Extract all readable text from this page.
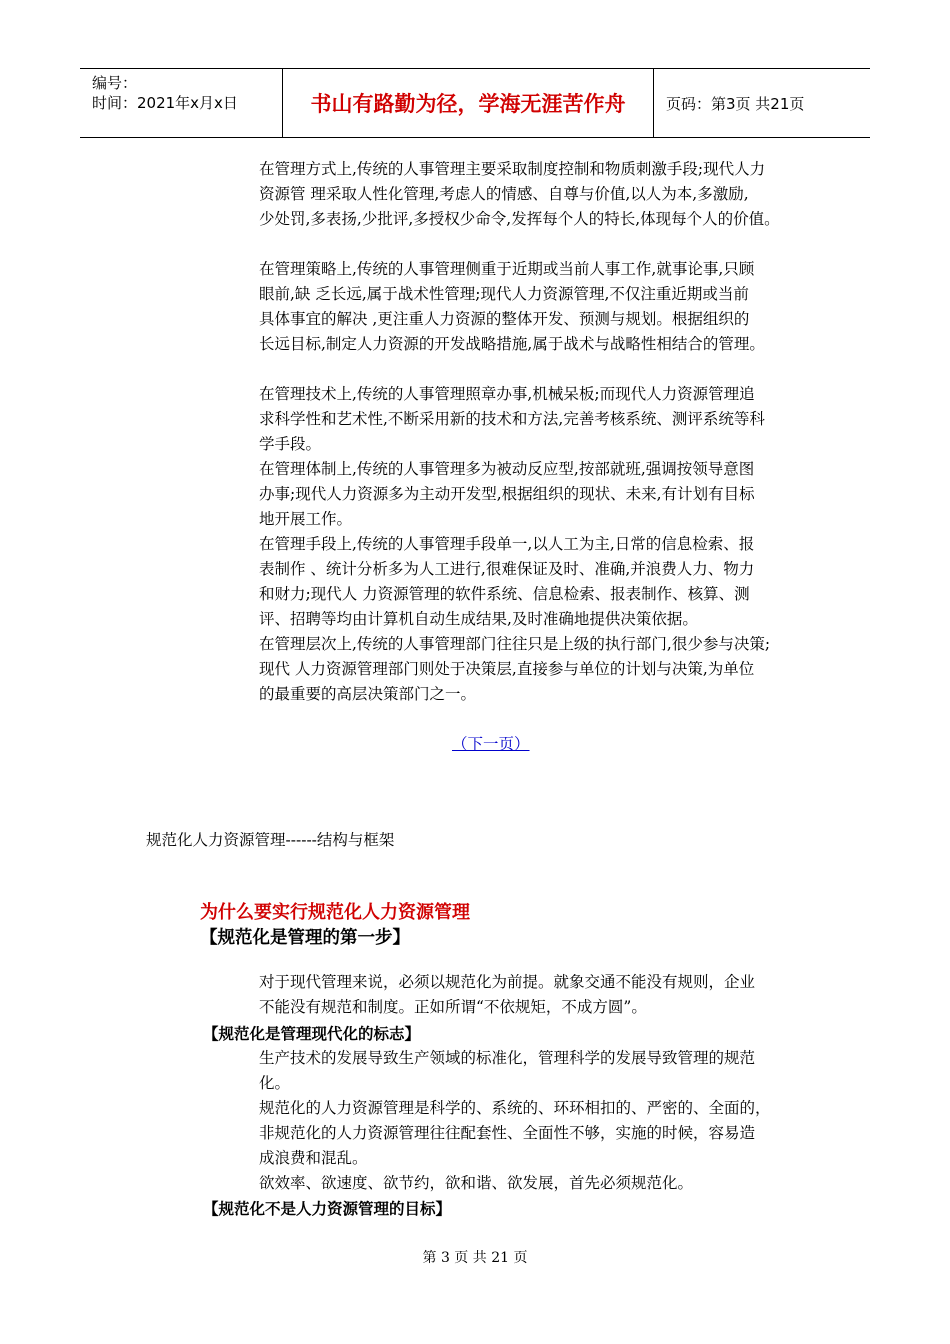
编号：
时间：2021年x月x日	书山有路勤为径，学海无涯苦作舟	页码：第3页 共21页

在管理方式上,传统的人事管理主要采取制度控制和物质刺激手段;现代人力
资源管 理采取人性化管理,考虑人的情感、自尊与价值,以人为本,多激励,
少处罚,多表扬,少批评,多授权少命令,发挥每个人的特长,体现每个人的价值。

在管理策略上,传统的人事管理侧重于近期或当前人事工作,就事论事,只顾
眼前,缺 乏长远,属于战术性管理;现代人力资源管理,不仅注重近期或当前
具体事宜的解决 ,更注重人力资源的整体开发、预测与规划。根据组织的
长远目标,制定人力资源的开发战略措施,属于战术与战略性相结合的管理。

在管理技术上,传统的人事管理照章办事,机械呆板;而现代人力资源管理追
求科学性和艺术性,不断采用新的技术和方法,完善考核系统、测评系统等科
学手段。

在管理体制上,传统的人事管理多为被动反应型,按部就班,强调按领导意图
办事;现代人力资源多为主动开发型,根据组织的现状、未来,有计划有目标
地开展工作。

在管理手段上,传统的人事管理手段单一,以人工为主,日常的信息检索、报
表制作 、统计分析多为人工进行,很难保证及时、准确,并浪费人力、物力
和财力;现代人 力资源管理的软件系统、信息检索、报表制作、核算、测
评、招聘等均由计算机自动生成结果,及时准确地提供决策依据。

在管理层次上,传统的人事管理部门往往只是上级的执行部门,很少参与决策;
现代 人力资源管理部门则处于决策层,直接参与单位的计划与决策,为单位
的最重要的高层决策部门之一。

（下一页）
规范化人力资源管理------结构与框架
为什么要实行规范化人力资源管理
【规范化是管理的第一步】
对于现代管理来说，必须以规范化为前提。就象交通不能没有规则，企业
不能没有规范和制度。正如所谓“不依规矩，不成方圆”。
【规范化是管理现代化的标志】

生产技术的发展导致生产领域的标准化，管理科学的发展导致管理的规范
化。

规范化的人力资源管理是科学的、系统的、环环相扣的、严密的、全面的，
非规范化的人力资源管理往往配套性、全面性不够，实施的时候，容易造
成浪费和混乱。

欲效率、欲速度、欲节约，欲和谐、欲发展，首先必须规范化。

【规范化不是人力资源管理的目标】
第 3 页 共 21 页
